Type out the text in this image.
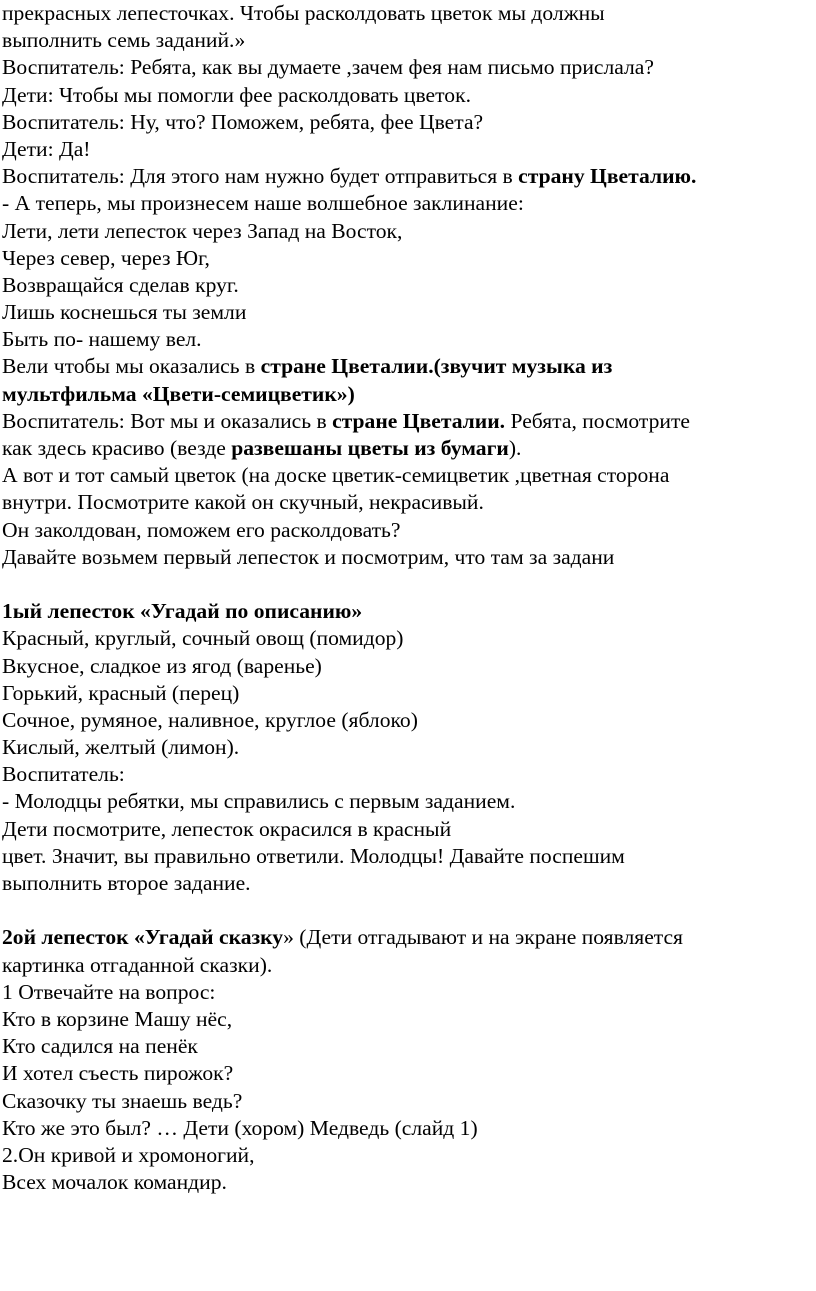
прекрасных лепесточках. Чтобы расколдовать цветок мы должны
выполнить семь заданий.»
Воспитатель: Ребята, как вы думаете ,зачем фея нам письмо прислала?
Дети: Чтобы мы помогли фее расколдовать цветок.
Воспитатель: Ну, что? Поможем, ребята, фее Цвета?
Дети: Да!
Воспитатель: Для этого нам нужно будет отправиться в страну Цветалию.
- А теперь, мы произнесем наше волшебное заклинание:
Лети, лети лепесток через Запад на Восток,
Через север, через Юг,
Возвращайся сделав круг.
Лишь коснешься ты земли
Быть по- нашему вел.
Вели чтобы мы оказались в стране Цветалии.(звучит музыка из
мультфильма «Цвети-семицветик»)
Воспитатель: Вот мы и оказались в стране Цветалии. Ребята, посмотрите
как здесь красиво (везде развешаны цветы из бумаги).
А вот и тот самый цветок (на доске цветик-семицветик ,цветная сторона
внутри. Посмотрите какой он скучный, некрасивый.
Он заколдован, поможем его расколдовать?
Давайте возьмем первый лепесток и посмотрим, что там за задани
1ый лепесток «Угадай по описанию»
Красный, круглый, сочный овощ (помидор)
Вкусное, сладкое из ягод (варенье)
Горький, красный (перец)
Сочное, румяное, наливное, круглое (яблоко)
Кислый, желтый (лимон).
Воспитатель:
- Молодцы ребятки, мы справились с первым заданием.
Дети посмотрите, лепесток окрасился в красный
цвет. Значит, вы правильно ответили. Молодцы! Давайте поспешим
выполнить второе задание.
2ой лепесток «Угадай сказку» (Дети отгадывают и на экране появляется
картинка отгаданной сказки).
1 Отвечайте на вопрос:
Кто в корзине Машу нёс,
Кто садился на пенёк
И хотел съесть пирожок?
Сказочку ты знаешь ведь?
Кто же это был? … Дети (хором) Медведь (слайд 1)
2.Он кривой и хромоногий,
Всех мочалок командир.
